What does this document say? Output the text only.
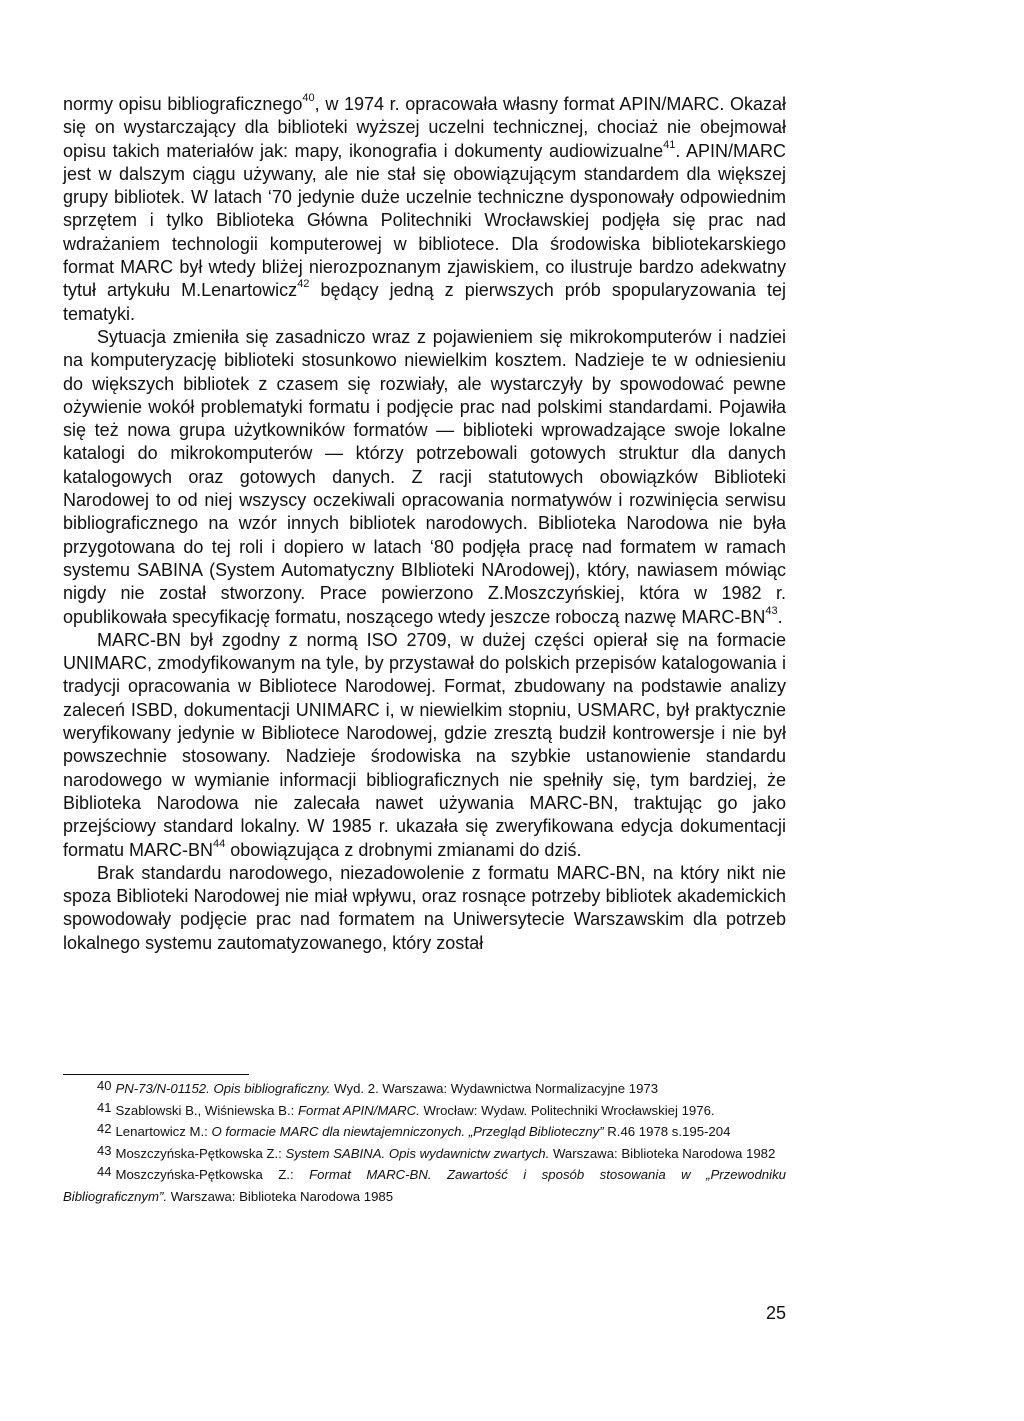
normy opisu bibliograficznego$^{40}$, w 1974 r. opracowała własny format APIN/MARC. Okazał się on wystarczający dla biblioteki wyższej uczelni technicznej, chociaż nie obejmował opisu takich materiałów jak: mapy, ikonografia i dokumenty audiowizualne$^{41}$. APIN/MARC jest w dalszym ciągu używany, ale nie stał się obowiązującym standardem dla większej grupy bibliotek. W latach ‘70 jedynie duże uczelnie techniczne dysponowały odpowiednim sprzętem i tylko Biblioteka Główna Politechniki Wrocławskiej podjęła się prac nad wdrażaniem technologii komputerowej w bibliotece. Dla środowiska bibliotekarskiego format MARC był wtedy bliżej nierozpoznanym zjawiskiem, co ilustruje bardzo adekwatny tytuł artykułu M.Lenartowicz$^{42}$ będący jedną z pierwszych prób spopularyzowania tej tematyki.

Sytuacja zmieniła się zasadniczo wraz z pojawieniem się mikrokomputerów i nadziei na komputeryzację biblioteki stosunkowo niewielkim kosztem. Nadzieje te w odniesieniu do większych bibliotek z czasem się rozwiały, ale wystarczyły by spowodować pewne ożywienie wokół problematyki formatu i podjęcie prac nad polskimi standardami. Pojawiła się też nowa grupa użytkowników formatów — biblioteki wprowadzające swoje lokalne katalogi do mikrokomputerów — którzy potrzebowali gotowych struktur dla danych katalogowych oraz gotowych danych. Z racji statutowych obowiązków Biblioteki Narodowej to od niej wszyscy oczekiwali opracowania normatywów i rozwinięcia serwisu bibliograficznego na wzór innych bibliotek narodowych. Biblioteka Narodowa nie była przygotowana do tej roli i dopiero w latach ‘80 podjęła pracę nad formatem w ramach systemu SABINA (System Automatyczny BIblioteki NArodowej), który, nawiasem mówiąc nigdy nie został stworzony. Prace powierzono Z.Moszczyńskiej, która w 1982 r. opublikowała specyfikację formatu, noszącego wtedy jeszcze roboczą nazwę MARC-BN$^{43}$.

MARC-BN był zgodny z normą ISO 2709, w dużej części opierał się na formacie UNIMARC, zmodyfikowanym na tyle, by przystawał do polskich przepisów katalogowania i tradycji opracowania w Bibliotece Narodowej. Format, zbudowany na podstawie analizy zaleceń ISBD, dokumentacji UNIMARC i, w niewielkim stopniu, USMARC, był praktycznie weryfikowany jedynie w Bibliotece Narodowej, gdzie zresztą budził kontrowersje i nie był powszechnie stosowany. Nadzieje środowiska na szybkie ustanowienie standardu narodowego w wymianie informacji bibliograficznych nie spełniły się, tym bardziej, że Biblioteka Narodowa nie zalecała nawet używania MARC-BN, traktując go jako przejściowy standard lokalny. W 1985 r. ukazała się zweryfikowana edycja dokumentacji formatu MARC-BN$^{44}$ obowiązująca z drobnymi zmianami do dziś.

Brak standardu narodowego, niezadowolenie z formatu MARC-BN, na który nikt nie spoza Biblioteki Narodowej nie miał wpływu, oraz rosnące potrzeby bibliotek akademickich spowodowały podjęcie prac nad formatem na Uniwersytecie Warszawskim dla potrzeb lokalnego systemu zautomatyzowanego, który został

40 PN-73/N-01152. Opis bibliograficzny. Wyd. 2. Warszawa: Wydawnictwa Normalizacyjne 1973

41 Szablowski B., Wiśniewska B.: Format APIN/MARC. Wrocław: Wydaw. Politechniki Wrocławskiej 1976.

42 Lenartowicz M.: O formacie MARC dla niewtajemniczonych. „Przegląd Biblioteczny” R.46 1978 s.195-204

43 Moszczyńska-Pętkowska Z.: System SABINA. Opis wydawnictw zwartych. Warszawa: Biblioteka Narodowa 1982

44 Moszczyńska-Pętkowska Z.: Format MARC-BN. Zawartość i sposób stosowania w „Przewodniku Bibliograficznym”. Warszawa: Biblioteka Narodowa 1985

25
